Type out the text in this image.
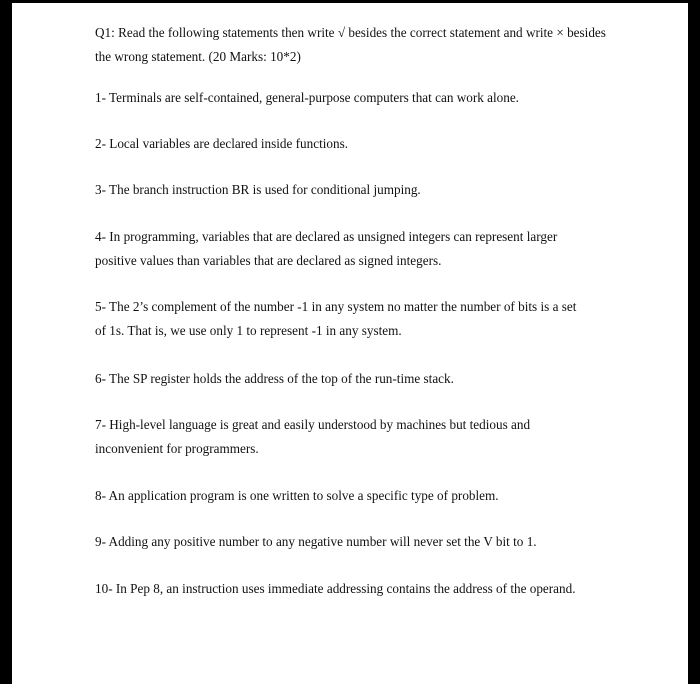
Q1: Read the following statements then write √ besides the correct statement and write × besides
the wrong statement. (20 Marks: 10*2)
1- Terminals are self-contained, general-purpose computers that can work alone.
2- Local variables are declared inside functions.
3- The branch instruction BR is used for conditional jumping.
4- In programming, variables that are declared as unsigned integers can represent larger
positive values than variables that are declared as signed integers.
5- The 2’s complement of the number -1 in any system no matter the number of bits is a set
of 1s. That is, we use only 1 to represent -1 in any system.
6- The SP register holds the address of the top of the run-time stack.
7- High-level language is great and easily understood by machines but tedious and
inconvenient for programmers.
8- An application program is one written to solve a specific type of problem.
9- Adding any positive number to any negative number will never set the V bit to 1.
10- In Pep 8, an instruction uses immediate addressing contains the address of the operand.
